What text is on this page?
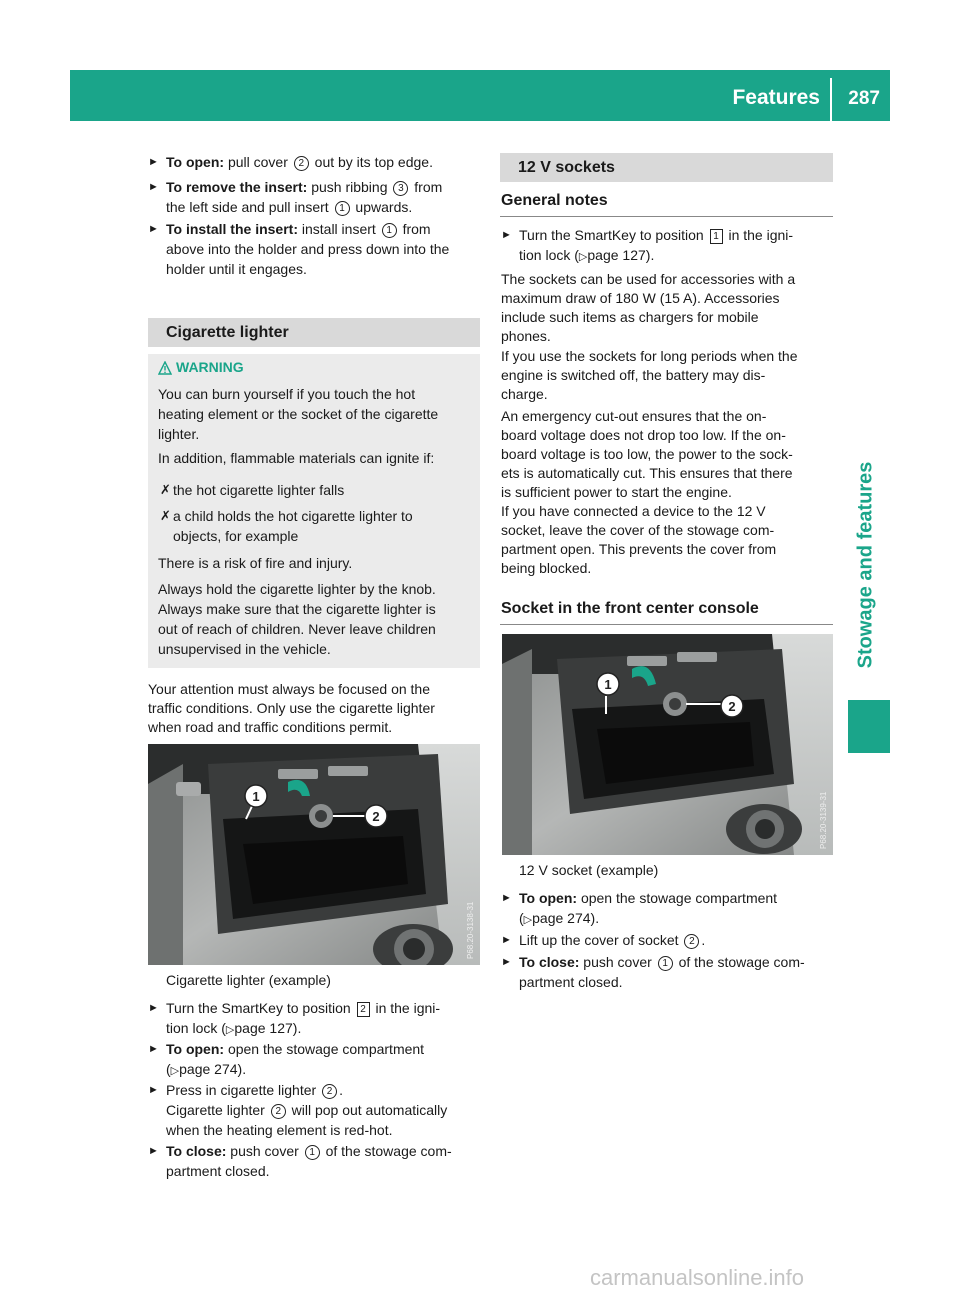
Features 287
Stowage and features
► To open: pull cover 2 out by its top edge.
► To remove the insert: push ribbing 3 from
the left side and pull insert 1 upwards.
► To install the insert: install insert 1 from
above into the holder and press down into the
holder until it engages.
Cigarette lighter
WARNING
You can burn yourself if you touch the hot
heating element or the socket of the cigarette
lighter.
In addition, flammable materials can ignite if:
✗ the hot cigarette lighter falls
✗ a child holds the hot cigarette lighter to
objects, for example
There is a risk of fire and injury.
Always hold the cigarette lighter by the knob.
Always make sure that the cigarette lighter is
out of reach of children. Never leave children
unsupervised in the vehicle.
Your attention must always be focused on the
traffic conditions. Only use the cigarette lighter
when road and traffic conditions permit.
1
2
P68.20-3138-31
Cigarette lighter (example)
► Turn the SmartKey to position 2 in the igni-
tion lock (▷page 127).
► To open: open the stowage compartment
(▷page 274).
► Press in cigarette lighter 2 .
Cigarette lighter 2 will pop out automatically
when the heating element is red-hot.
► To close: push cover 1 of the stowage com-
partment closed.
12 V sockets
General notes
► Turn the SmartKey to position 1 in the igni-
tion lock (▷page 127).
The sockets can be used for accessories with a
maximum draw of 180 W (15 A). Accessories
include such items as chargers for mobile
phones.
If you use the sockets for long periods when the
engine is switched off, the battery may dis-
charge.
An emergency cut-out ensures that the on-
board voltage does not drop too low. If the on-
board voltage is too low, the power to the sock-
ets is automatically cut. This ensures that there
is sufficient power to start the engine.
If you have connected a device to the 12 V
socket, leave the cover of the stowage com-
partment open. This prevents the cover from
being blocked.
Socket in the front center console
1
2
P68.20-3139-31
12 V socket (example)
► To open: open the stowage compartment
(▷page 274).
► Lift up the cover of socket 2 .
► To close: push cover 1 of the stowage com-
partment closed.
carmanualsonline.info
